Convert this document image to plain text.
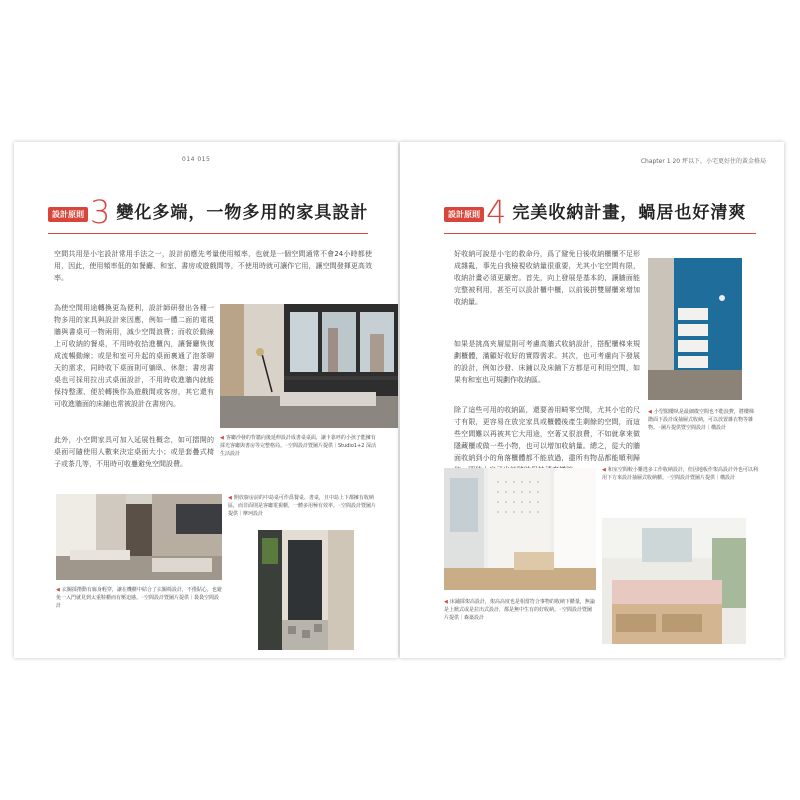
014 015
設計原則 3 變化多端，一物多用的家具設計
空間共用是小宅設計常用手法之一，設計前應先考量使用頻率，也就是一個空間通常不會24小時都使用，因此，使用頻率低的如餐廳、和室、書房或遊戲間等，不使用時就可讓作它用，讓空間發揮更高效率。
為使空間用途轉換更為便利，設計師研發出各種一物多用的家具與設計來因應，例如一體二面的電視牆與書桌可一物兩用，減少空間浪費；而收於動線上可收納的餐桌，不用時收拾進櫃內，讓餐廳恢復成流暢動線；或是和室可升起的桌面裏通了泡茶聊天的需求，同時收下桌面則可躺臥、休憩；書房書桌也可採用拉出式桌面設計，不用時收進牆內就能保持整潔、便於轉換作為遊戲間或客房，其它還有可收進牆面的床鋪也常被設計在書房內。
此外，小空間家具可加入延展性概念，如可摺開的桌面可隨使用人數來決定桌面大小；或是套疊式椅子或茶几等，不用時可收疊避免空間設費。
◀ 客廳沙發的背牆向後延伸設計成書桌桌面，讓卡靠呼的小孩子能擁有採光客廳與書房等完整格局。◦空間設計暨圖片提供｜Studio1+2 深活生活設計
◀ 開放廚房前的中島桌可作爲餐桌、書桌，且中島上下都擁有收納區，而非面則是客廳電視櫃，一體多用極有效率。◦空間設計暨圖片提供｜摩珂設計
◀ 玄關採揹動有廊身輕穿，讓在機櫃中結合了玄關椅設計，不僅貼心，也避免一入門就見到太重鞋櫃而有壓迫感。◦空間設計暨圖片提供｜裊裊空間設計
Chapter 1 20 坪以下，小宅更好住的黃金格局
設計原則 4 完美收納計畫，蝸居也好清爽
好收納可說是小宅的救命丹，爲了避免日後收納櫃櫃不足形成雜亂，事先自我檢視收納量很重要，尤其小宅空間有限，收納計畫必須更嚴密。首先，向上發展是基本的，讓牆面能完整被利用，甚至可以設計櫃中櫃，以前後拼雙層櫃來增加收納量。
如果是挑高夾層屋則可考慮高牆式收納設計，搭配櫃梯來規劃櫃體，滿顧好收好的實際需求。其次，也可考慮向下發展的設計，例如沙發、床鋪以及床鋪下方都是可利用空間，如果有和室也可規劃作收納區。
除了這些可用的收納區，還要善用畸零空間，尤其小宅的尺寸有限，更容易在放完家具或櫃體後產生剩餘的空間，而這些空間難以再被其它大用途，空著又很浪費，不如就拿來做隱藏櫃或做一些小物，也可以增加收納量。總之，從大的牆面收納到小的角落櫃體都不能放過，盡所有物品都能順利歸
◀ 小型閣樓臥是最細微空間也不能浪費，將樓梯階面下設計成抽屜式收納，可以放置雜衣物等雜物。◦圖片提供暨空間設計｜構設計
◀ 和室空間較小難逃多工作收納設計，但因地板作架高設計外也可以利用下方來設計抽屜式收納櫃。◦空間設計暨圖片提供｜構設計
◀ 床鋪採架高設計，架高高度也是相當符合事物的收納下櫃量，無論是上掀式或是拉出式設計，都是無中生有的好收納。◦空間設計暨圖片提供｜森築設計
